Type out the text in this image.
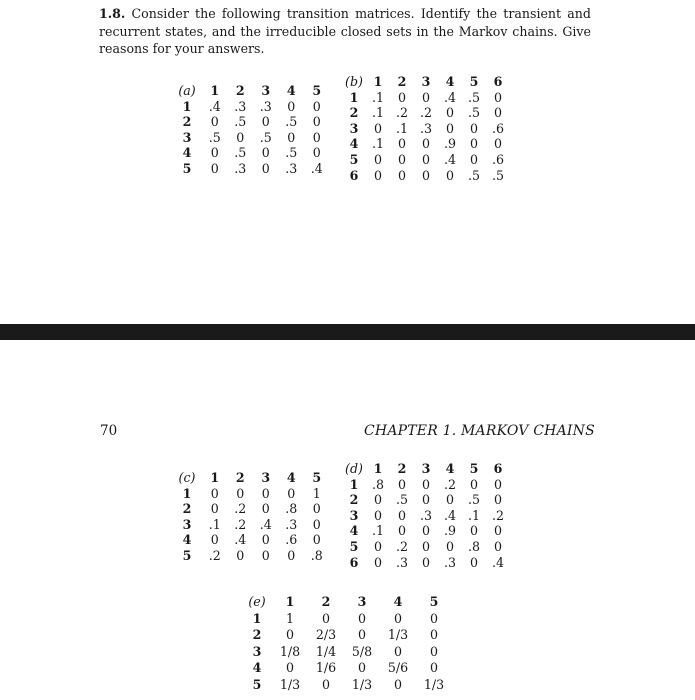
1.8. Consider the following transition matrices. Identify the transient and recurrent states, and the irreducible closed sets in the Markov chains. Give reasons for your answers.

(a)	1	2	3	4	5
1	.4	.3	.3	0	0
2	0	.5	0	.5	0
3	.5	0	.5	0	0
4	0	.5	0	.5	0
5	0	.3	0	.3	.4
(b)	1	2	3	4	5	6
1	.1	0	0	.4	.5	0
2	.1	.2	.2	0	.5	0
3	0	.1	.3	0	0	.6
4	.1	0	0	.9	0	0
5	0	0	0	.4	0	.6
6	0	0	0	0	.5	.5
70	CHAPTER 1. MARKOV CHAINS
(c)	1	2	3	4	5
1	0	0	0	0	1
2	0	.2	0	.8	0
3	.1	.2	.4	.3	0
4	0	.4	0	.6	0
5	.2	0	0	0	.8
(d)	1	2	3	4	5	6
1	.8	0	0	.2	0	0
2	0	.5	0	0	.5	0
3	0	0	.3	.4	.1	.2
4	.1	0	0	.9	0	0
5	0	.2	0	0	.8	0
6	0	.3	0	.3	0	.4
(e)	1	2	3	4	5
1	1	0	0	0	0
2	0	2/3	0	1/3	0
3	1/8	1/4	5/8	0	0
4	0	1/6	0	5/6	0
5	1/3	0	1/3	0	1/3
